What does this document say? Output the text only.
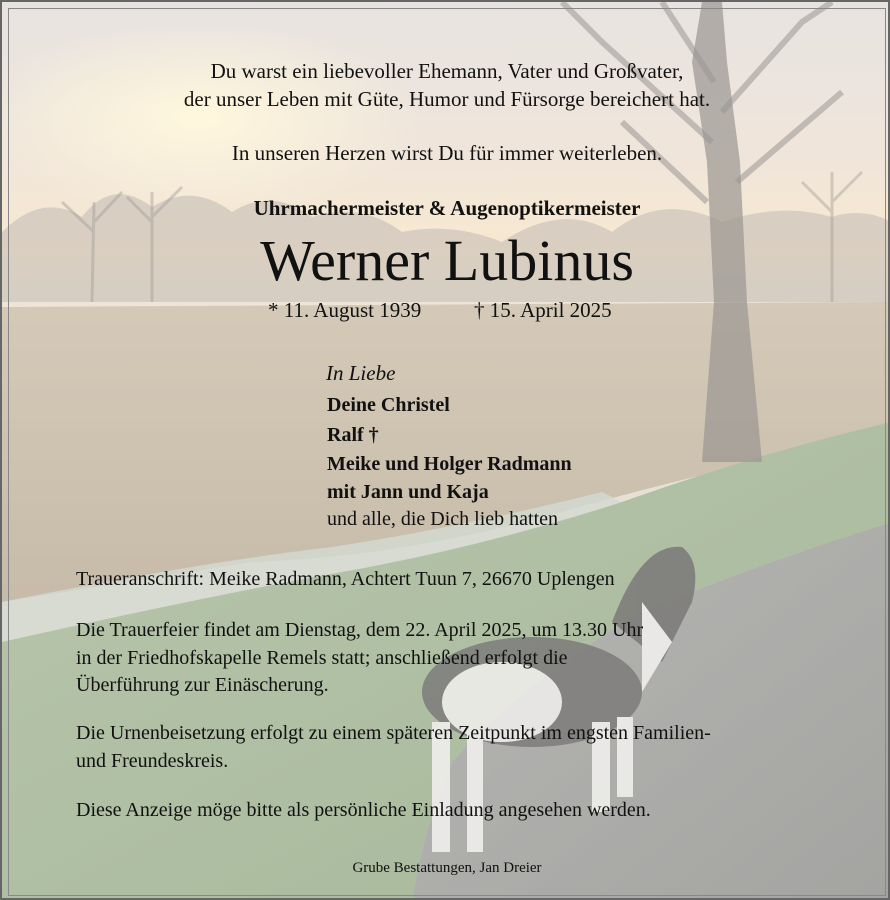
Du warst ein liebevoller Ehemann, Vater und Großvater,
der unser Leben mit Güte, Humor und Fürsorge bereichert hat.
In unseren Herzen wirst Du für immer weiterleben.
Uhrmachermeister & Augenoptikermeister
Werner Lubinus
* 11. August 1939	† 15. April 2025
In Liebe
Deine Christel
Ralf †
Meike und Holger Radmann
mit Jann und Kaja
und alle, die Dich lieb hatten
Traueranschrift: Meike Radmann, Achtert Tuun 7, 26670 Uplengen
Die Trauerfeier findet am Dienstag, dem 22. April 2025, um 13.30 Uhr
in der Friedhofskapelle Remels statt; anschließend erfolgt die
Überführung zur Einäscherung.
Die Urnenbeisetzung erfolgt zu einem späteren Zeitpunkt im engsten Familien-
und Freundeskreis.
Diese Anzeige möge bitte als persönliche Einladung angesehen werden.
Grube Bestattungen, Jan Dreier
